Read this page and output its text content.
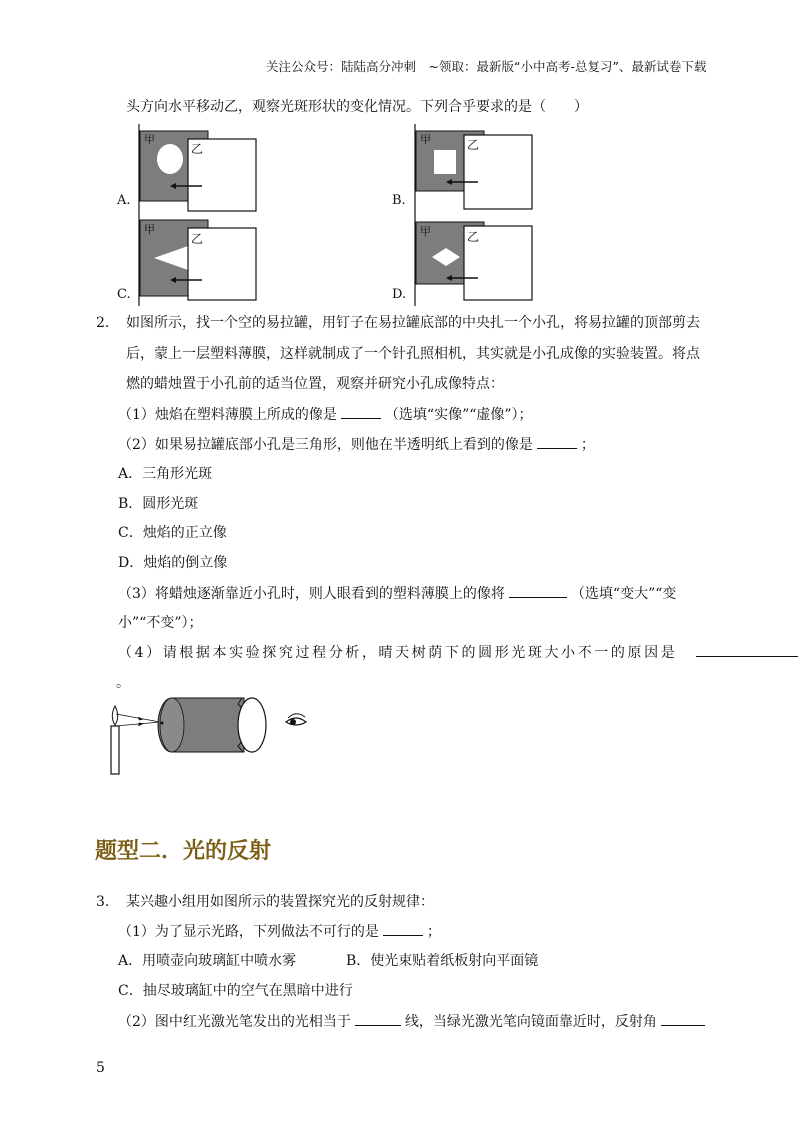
关注公众号：陆陆高分冲刺　~领取：最新版“小中高考-总复习”、最新试卷下载
头方向水平移动乙，观察光斑形状的变化情况。下列合乎要求的是（　　）
A.
甲
乙
B.
甲	乙
C.
甲
乙
D.
甲	乙
2. 如图所示，找一个空的易拉罐，用钉子在易拉罐底部的中央扎一个小孔，将易拉罐的顶部剪去
后，蒙上一层塑料薄膜，这样就制成了一个针孔照相机，其实就是小孔成像的实验装置。将点
燃的蜡烛置于小孔前的适当位置，观察并研究小孔成像特点：
（1）烛焰在塑料薄膜上所成的像是	（选填“实像”“虚像”）；
（2）如果易拉罐底部小孔是三角形，则他在半透明纸上看到的像是	；
A．三角形光斑
B．圆形光斑
C．烛焰的正立像
D．烛焰的倒立像
（3）将蜡烛逐渐靠近小孔时，则人眼看到的塑料薄膜上的像将	（选填“变大”“变
小”“不变”）；
（4）请根据本实验探究过程分析，晴天树荫下的圆形光斑大小不一的原因是
。
题型二．光的反射
3. 某兴趣小组用如图所示的装置探究光的反射规律：
（1）为了显示光路，下列做法不可行的是	；
A．用喷壶向玻璃缸中喷水雾	B．使光束贴着纸板射向平面镜
C．抽尽玻璃缸中的空气在黑暗中进行
（2）图中红光激光笔发出的光相当于	线，当绿光激光笔向镜面靠近时，反射角
5
